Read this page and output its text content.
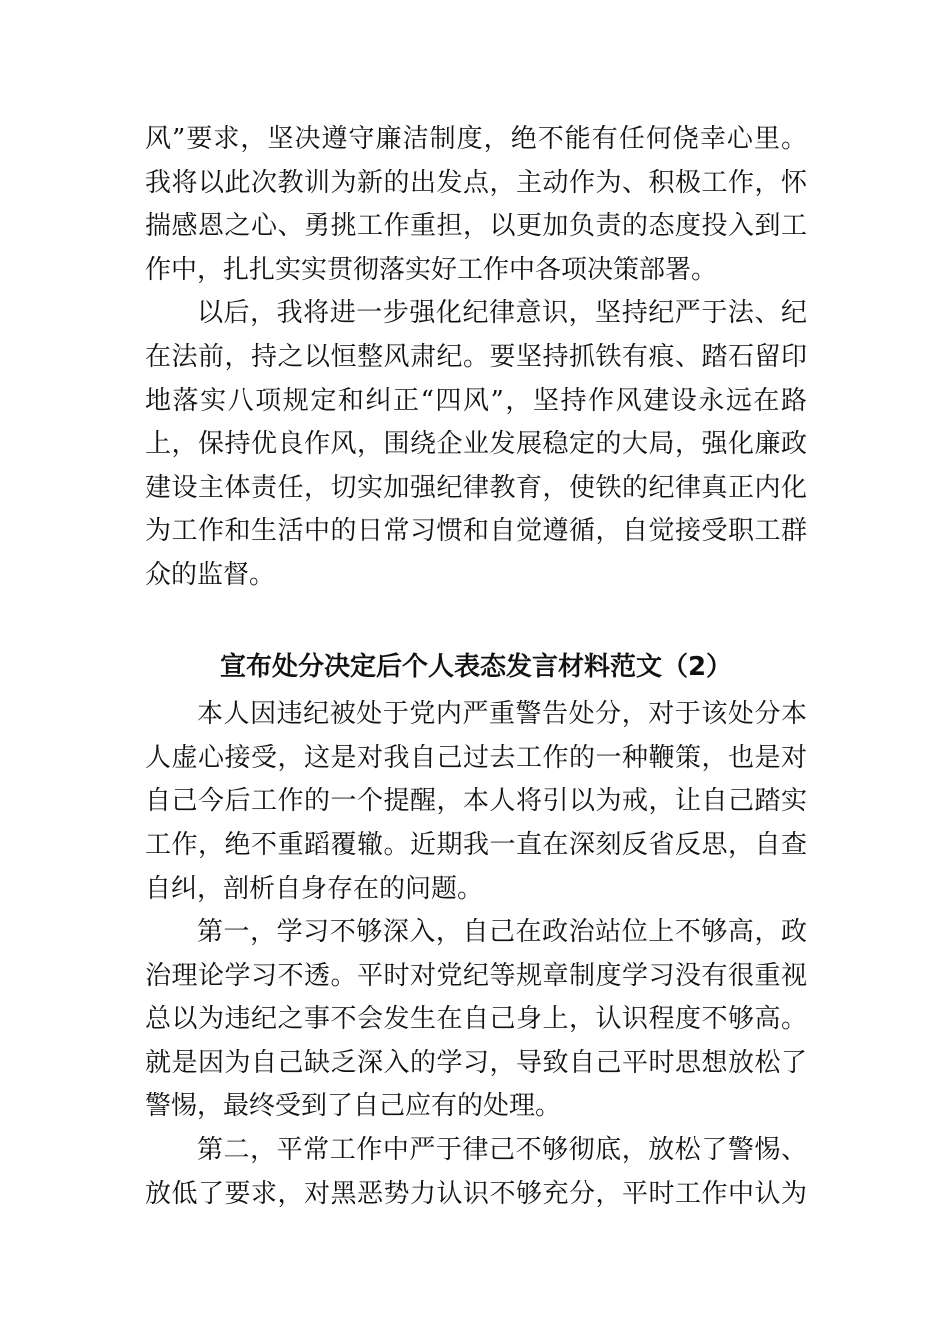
风”要求，坚决遵守廉洁制度，绝不能有任何侥幸心里。
我将以此次教训为新的出发点，主动作为、积极工作，怀
揣感恩之心、勇挑工作重担，以更加负责的态度投入到工
作中，扎扎实实贯彻落实好工作中各项决策部署。
以后，我将进一步强化纪律意识，坚持纪严于法、纪
在法前，持之以恒整风肃纪。要坚持抓铁有痕、踏石留印
地落实八项规定和纠正“四风”，坚持作风建设永远在路
上，保持优良作风，围绕企业发展稳定的大局，强化廉政
建设主体责任，切实加强纪律教育，使铁的纪律真正内化
为工作和生活中的日常习惯和自觉遵循，自觉接受职工群
众的监督。
宣布处分决定后个人表态发言材料范文（2）
本人因违纪被处于党内严重警告处分，对于该处分本
人虚心接受，这是对我自己过去工作的一种鞭策，也是对
自己今后工作的一个提醒，本人将引以为戒，让自己踏实
工作，绝不重蹈覆辙。近期我一直在深刻反省反思，自查
自纠，剖析自身存在的问题。
第一，学习不够深入，自己在政治站位上不够高，政
治理论学习不透。平时对党纪等规章制度学习没有很重视
总以为违纪之事不会发生在自己身上，认识程度不够高。
就是因为自己缺乏深入的学习，导致自己平时思想放松了
警惕，最终受到了自己应有的处理。
第二，平常工作中严于律己不够彻底，放松了警惕、
放低了要求，对黑恶势力认识不够充分，平时工作中认为
